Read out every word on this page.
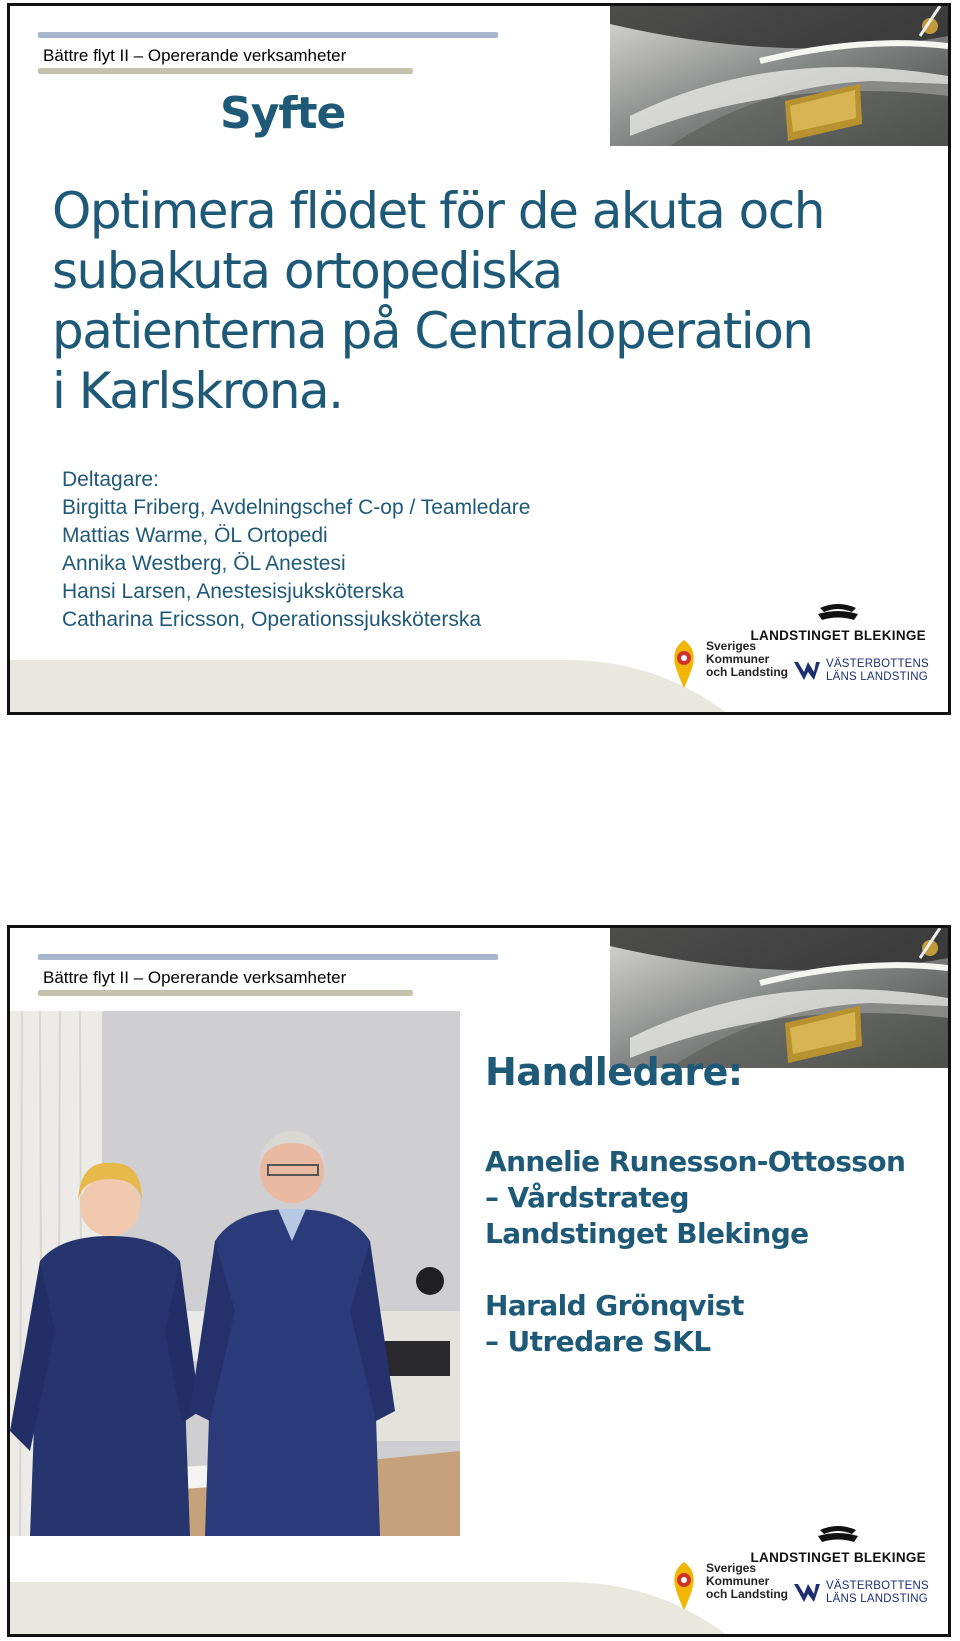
Bättre flyt II – Opererande verksamheter
Syfte
Optimera flödet för de akuta och
subakuta ortopediska
patienterna på Centraloperation
i Karlskrona.
Deltagare:
Birgitta Friberg, Avdelningschef C-op / Teamledare
Mattias Warme, ÖL Ortopedi
Annika Westberg, ÖL Anestesi
Hansi Larsen, Anestesisjuksköterska
Catharina Ericsson, Operationssjuksköterska
LANDSTINGET BLEKINGE
Sveriges
Kommuner
och Landsting
VÄSTERBOTTENS
LÄNS LANDSTING
Bättre flyt II – Opererande verksamheter
Handledare:
Annelie Runesson-Ottosson
– Vårdstrateg
Landstinget Blekinge
Harald Grönqvist
– Utredare SKL
LANDSTINGET BLEKINGE
Sveriges
Kommuner
och Landsting
VÄSTERBOTTENS
LÄNS LANDSTING
